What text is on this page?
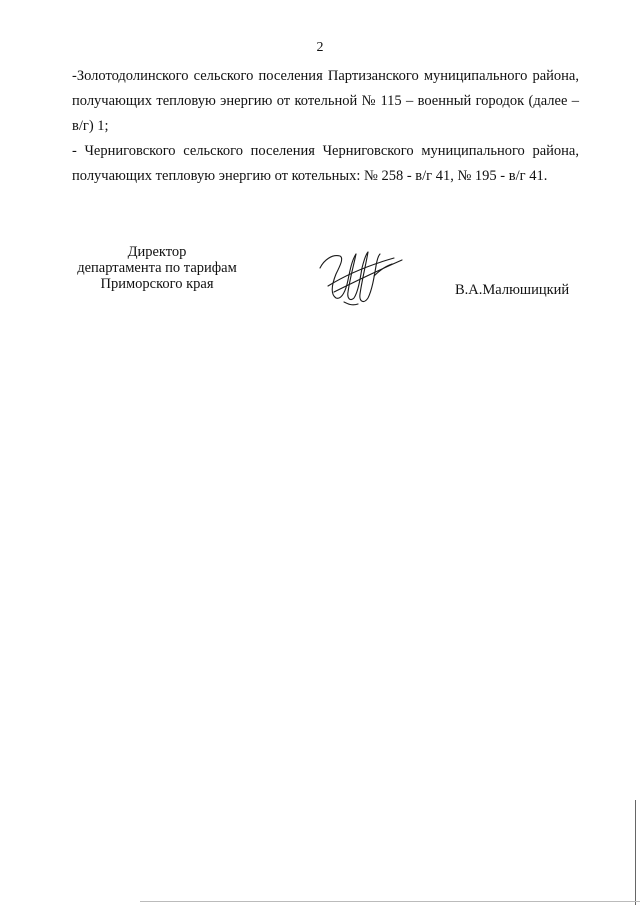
2

-Золотодолинского сельского поселения Партизанского муниципального района, получающих тепловую энергию от котельной № 115 – военный городок (далее – в/г) 1;

- Черниговского сельского поселения Черниговского муниципального района, получающих тепловую энергию от котельных: № 258 - в/г 41, № 195 - в/г 41.

Директор
департамента по тарифам
Приморского края	В.А.Малюшицкий
